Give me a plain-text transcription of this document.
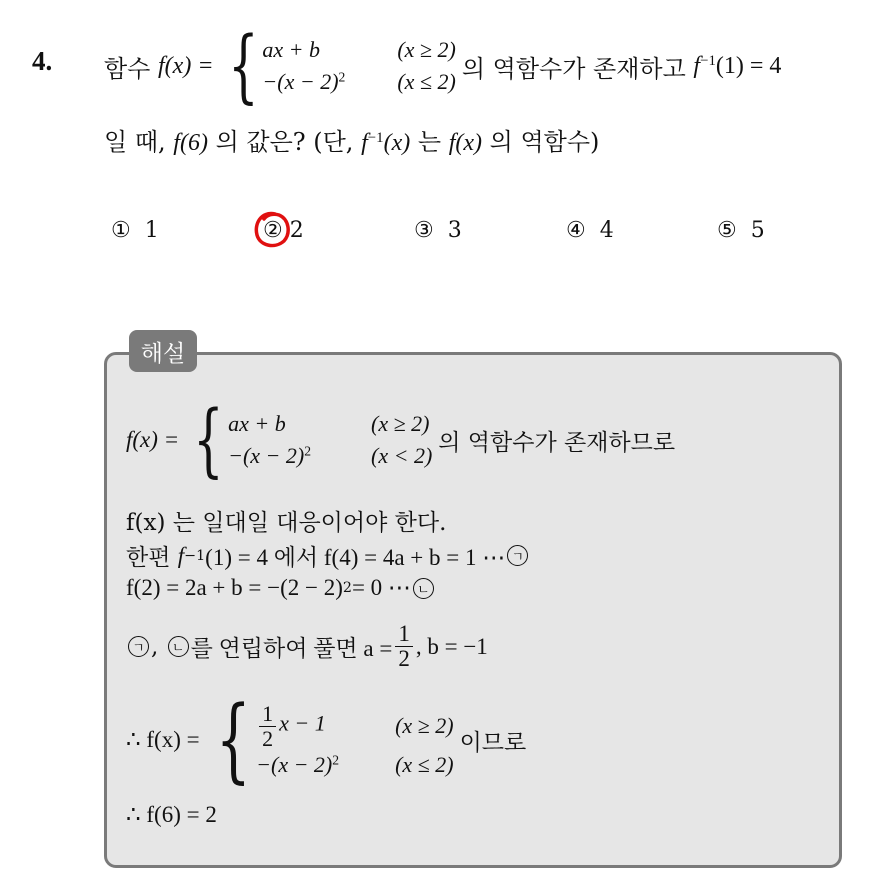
4. 함수
f(x) = { ax + b	(x ≥ 2)
$-(x - 2)^2$ (x ≤ 2) 의 역함수가 존재하고
$f^{-1}(1) = 4$
일 때, f(6) 의 값은? (단, $f^{-1}(x)$ 는 f(x) 의 역함수)
① 1	② 2	③ 3	④ 4	⑤ 5
해설
f(x) = { ax + b	(x ≥ 2)
$-(x - 2)^2$	(x < 2) 의 역함수가 존재하므로
f(x) 는 일대일 대응이어야 한다.
한편
f −1 (1) = 4 에서 f(4) = 4a + b = 1 ⋯ ㄱ
f(2) = 2a + b = −(2 − 2) 2 = 0 ⋯ ㄴ
ㄱ ,
	ㄴ 를 연립하여 풀면 $a = \frac{1}{2}$ , b = −1
∴ f(x) = { $\frac{1}{2}$ x − 1	(x ≥ 2)
$-(x - 2)^2$	(x ≤ 2)
이므로
∴ f(6) = 2
